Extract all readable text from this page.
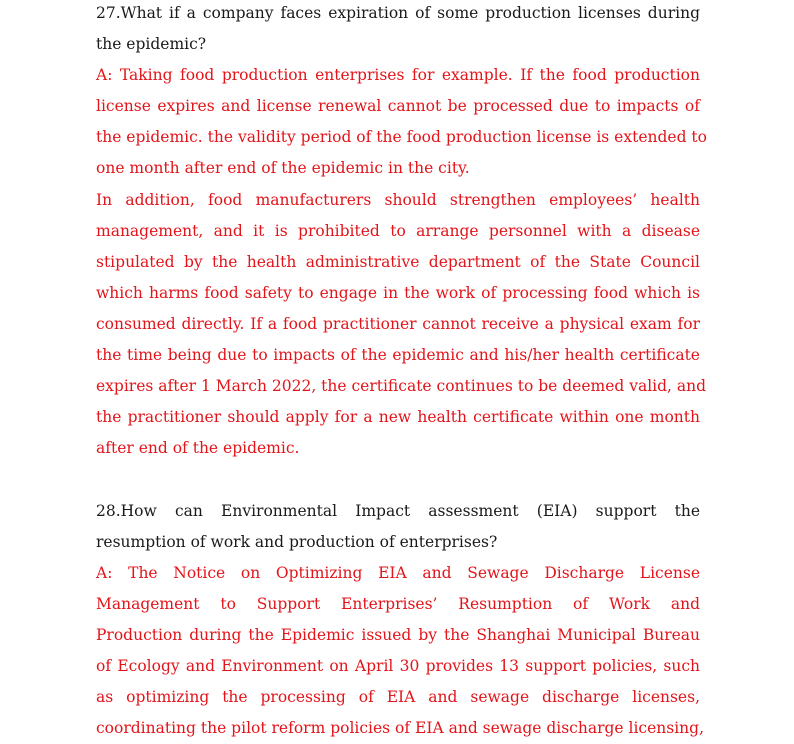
27.What if a company faces expiration of some production licenses during
the epidemic?
A: Taking food production enterprises for example. If the food production
license expires and license renewal cannot be processed due to impacts of
the epidemic. the validity period of the food production license is extended to
one month after end of the epidemic in the city.
In addition, food manufacturers should strengthen employees’ health
management, and it is prohibited to arrange personnel with a disease
stipulated by the health administrative department of the State Council
which harms food safety to engage in the work of processing food which is
consumed directly. If a food practitioner cannot receive a physical exam for
the time being due to impacts of the epidemic and his/her health certificate
expires after 1 March 2022, the certificate continues to be deemed valid, and
the practitioner should apply for a new health certificate within one month
after end of the epidemic.
28.How can Environmental Impact assessment (EIA) support the
resumption of work and production of enterprises?
A: The Notice on Optimizing EIA and Sewage Discharge License
Management to Support Enterprises’ Resumption of Work and
Production during the Epidemic issued by the Shanghai Municipal Bureau
of Ecology and Environment on April 30 provides 13 support policies, such
as optimizing the processing of EIA and sewage discharge licenses,
coordinating the pilot reform policies of EIA and sewage discharge licensing,
